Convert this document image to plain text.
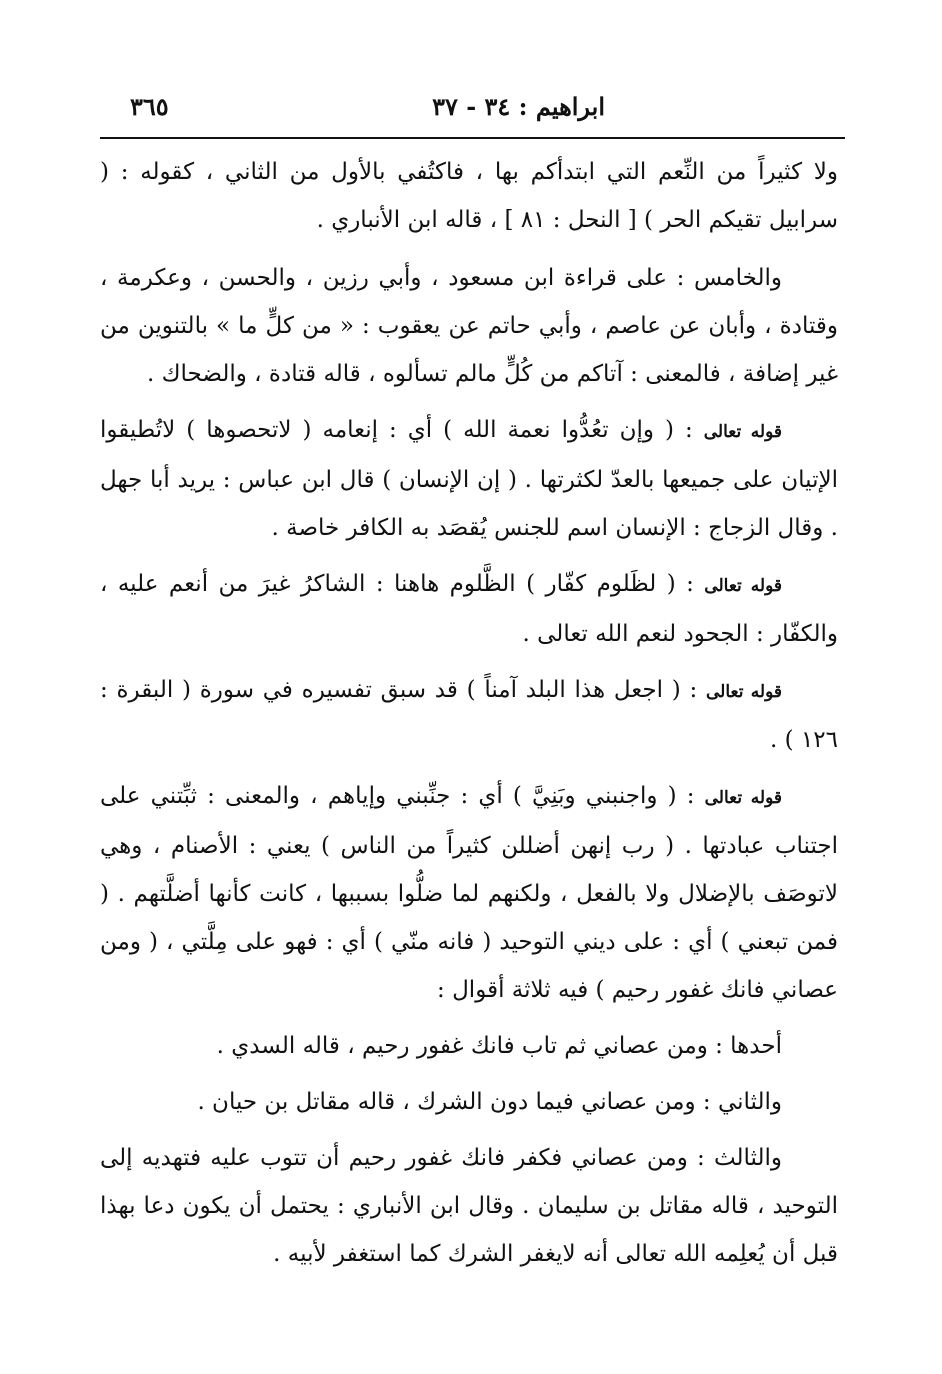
ابراهيم : ٣٤ - ٣٧
٣٦٥

ولا كثيراً من النِّعم التي ابتدأكم بها ، فاكتُفي بالأول من الثاني ، كقوله : ( سرابيل تقيكم الحر ) [ النحل : ٨١ ] ، قاله ابن الأنباري .

والخامس : على قراءة ابن مسعود ، وأبي رزين ، والحسن ، وعكرمة ، وقتادة ، وأبان عن عاصم ، وأبي حاتم عن يعقوب : « من كلٍّ ما » بالتنوين من غير إضافة ، فالمعنى : آتاكم من كُلٍّ مالم تسألوه ، قاله قتادة ، والضحاك .

قوله تعالى : ( وإن تعُدُّوا نعمة الله ) أي : إنعامه ( لاتحصوها ) لاتُطيقوا الإتيان على جميعها بالعدّ لكثرتها . ( إن الإنسان ) قال ابن عباس : يريد أبا جهل . وقال الزجاج : الإنسان اسم للجنس يُقصَد به الكافر خاصة .

قوله تعالى : ( لظَلوم كفّار ) الظَّلوم هاهنا : الشاكرُ غيرَ من أنعم عليه ، والكفّار : الجحود لنعم الله تعالى .

قوله تعالى : ( اجعل هذا البلد آمناً ) قد سبق تفسيره في سورة ( البقرة : ١٢٦ ) .

قوله تعالى : ( واجنبني وبَنِيَّ ) أي : جنِّبني وإياهم ، والمعنى : ثبِّتني على اجتناب عبادتها . ( رب إنهن أضللن كثيراً من الناس ) يعني : الأصنام ، وهي لاتوصَف بالإضلال ولا بالفعل ، ولكنهم لما ضلُّوا بسببها ، كانت كأنها أضلَّتهم . ( فمن تبعني ) أي : على ديني التوحيد ( فانه منّي ) أي : فهو على مِلَّتي ، ( ومن عصاني فانك غفور رحيم ) فيه ثلاثة أقوال :

أحدها : ومن عصاني ثم تاب فانك غفور رحيم ، قاله السدي .

والثاني : ومن عصاني فيما دون الشرك ، قاله مقاتل بن حيان .

والثالث : ومن عصاني فكفر فانك غفور رحيم أن تتوب عليه فتهديه إلى التوحيد ، قاله مقاتل بن سليمان . وقال ابن الأنباري : يحتمل أن يكون دعا بهذا قبل أن يُعلِمه الله تعالى أنه لايغفر الشرك كما استغفر لأبيه .
